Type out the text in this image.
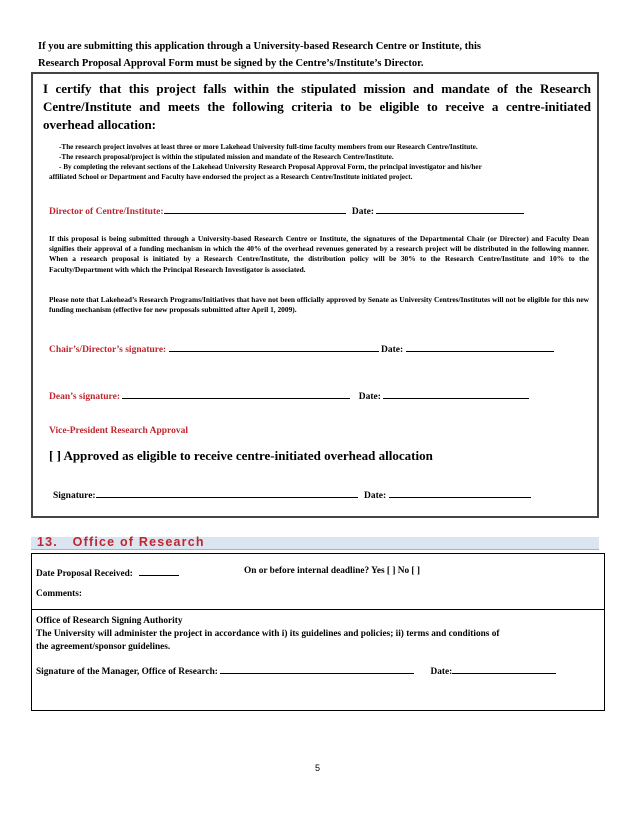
If you are submitting this application through a University-based Research Centre or Institute, this
Research Proposal Approval Form must be signed by the Centre’s/Institute’s Director.
I certify that this project falls within the stipulated mission and mandate of the Research Centre/Institute and meets the following criteria to be eligible to receive a centre-initiated overhead allocation:
-The research project involves at least three or more Lakehead University full-time faculty members from our Research Centre/Institute.
-The research proposal/project is within the stipulated mission and mandate of the Research Centre/Institute.
- By completing the relevant sections of the Lakehead University Research Proposal Approval Form, the principal investigator and his/her
affiliated School or Department and Faculty have endorsed the project as a Research Centre/Institute initiated project.
Director of Centre/Institute:	Date:
If this proposal is being submitted through a University-based Research Centre or Institute, the signatures of the Departmental Chair (or Director) and Faculty Dean signifies their approval of a funding mechanism in which the 40% of the overhead revenues generated by a research project will be distributed in the following manner. When a research proposal is initiated by a Research Centre/Institute, the distribution policy will be 30% to the Research Centre/Institute and 10% to the Faculty/Department with which the Principal Research Investigator is associated.
Please note that Lakehead’s Research Programs/Initiatives that have not been officially approved by Senate as University Centres/Institutes will not be eligible for this new funding mechanism (effective for new proposals submitted after April 1, 2009).
Chair’s/Director’s signature:	Date:
Dean’s signature:	Date:
Vice-President Research Approval
[ ] Approved as eligible to receive centre-initiated overhead allocation
Signature:	Date:
13. Office of Research
Date Proposal Received:	On or before internal deadline? Yes [ ] No [ ]
Comments:
Office of Research Signing Authority
The University will administer the project in accordance with i) its guidelines and policies; ii) terms and conditions of
the agreement/sponsor guidelines.
Signature of the Manager, Office of Research:	Date:
5
